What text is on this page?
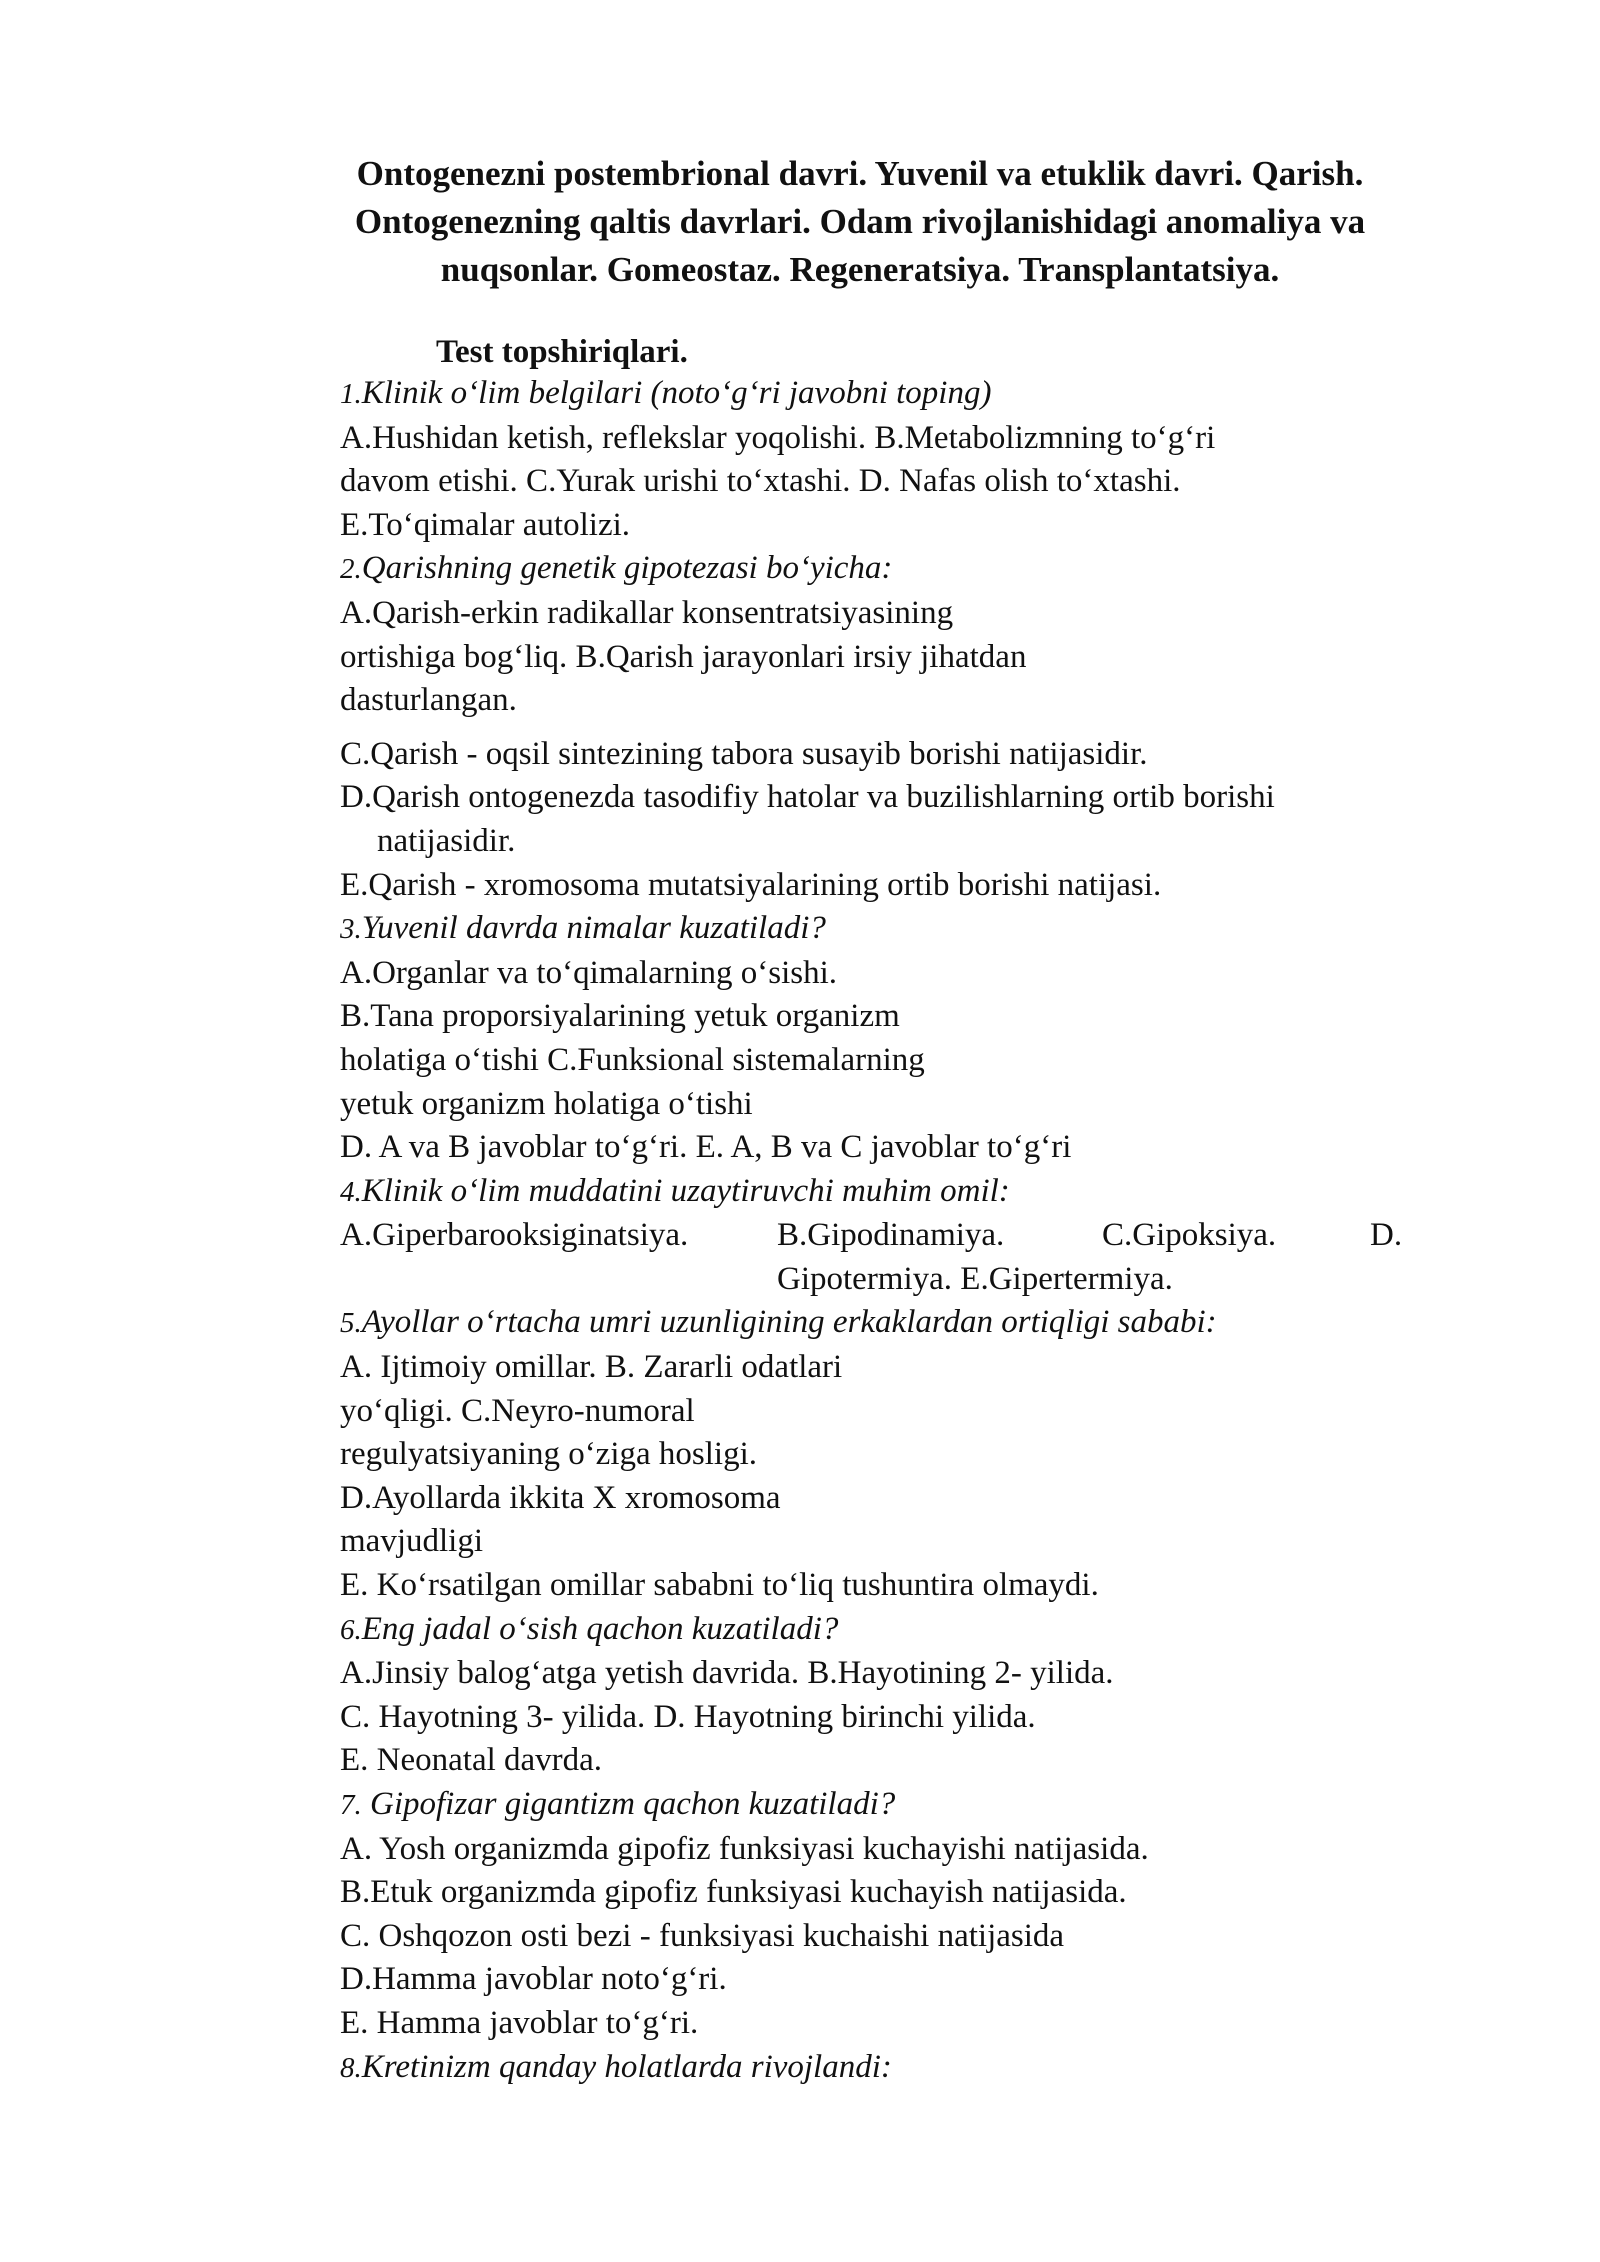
Ontogenezni postembrional davri. Yuvenil va etuklik davri. Qarish.
Ontogenezning qaltis davrlari. Odam rivojlanishidagi anomaliya va
nuqsonlar. Gomeostaz. Regeneratsiya. Transplantatsiya.
Test topshiriqlari.
1.Klinik o‘lim belgilari (noto‘g‘ri javobni toping)
A.Hushidan ketish, reflekslar yoqolishi. B.Metabolizmning to‘g‘ri
davom etishi. C.Yurak urishi to‘xtashi. D. Nafas olish to‘xtashi.
E.To‘qimalar autolizi.
2.Qarishning genetik gipotezasi bo‘yicha:
A.Qarish-erkin radikallar konsentratsiyasining
ortishiga bog‘liq. B.Qarish jarayonlari irsiy jihatdan
dasturlangan.
C.Qarish - oqsil sintezining tabora susayib borishi natijasidir.
D.Qarish ontogenezda tasodifiy hatolar va buzilishlarning ortib borishi
natijasidir.
E.Qarish - xromosoma mutatsiyalarining ortib borishi natijasi.
3.Yuvenil davrda nimalar kuzatiladi?
A.Organlar va to‘qimalarning o‘sishi.
B.Tana proporsiyalarining yetuk organizm
holatiga o‘tishi C.Funksional sistemalarning
yetuk organizm holatiga o‘tishi
D. A va B javoblar to‘g‘ri. E. A, B va C javoblar to‘g‘ri
4.Klinik o‘lim muddatini uzaytiruvchi muhim omil:
A.Giperbarooksiginatsiya.	B.Gipodinamiya.	C.Gipoksiya.	D.
Gipotermiya. E.Gipertermiya.
5.Ayollar o‘rtacha umri uzunligining erkaklardan ortiqligi sababi:
A. Ijtimoiy omillar. B. Zararli odatlari
yo‘qligi. C.Neyro-numoral
regulyatsiyaning o‘ziga hosligi.
D.Ayollarda ikkita X xromosoma
mavjudligi
E. Ko‘rsatilgan omillar sababni to‘liq tushuntira olmaydi.
6.Eng jadal o‘sish qachon kuzatiladi?
A.Jinsiy balog‘atga yetish davrida. B.Hayotining 2- yilida.
C. Hayotning 3- yilida. D. Hayotning birinchi yilida.
E. Neonatal davrda.
7. Gipofizar gigantizm qachon kuzatiladi?
A. Yosh organizmda gipofiz funksiyasi kuchayishi natijasida.
B.Etuk organizmda gipofiz funksiyasi kuchayish natijasida.
C. Oshqozon osti bezi - funksiyasi kuchaishi natijasida
D.Hamma javoblar noto‘g‘ri.
E. Hamma javoblar to‘g‘ri.
8.Kretinizm qanday holatlarda rivojlandi:
